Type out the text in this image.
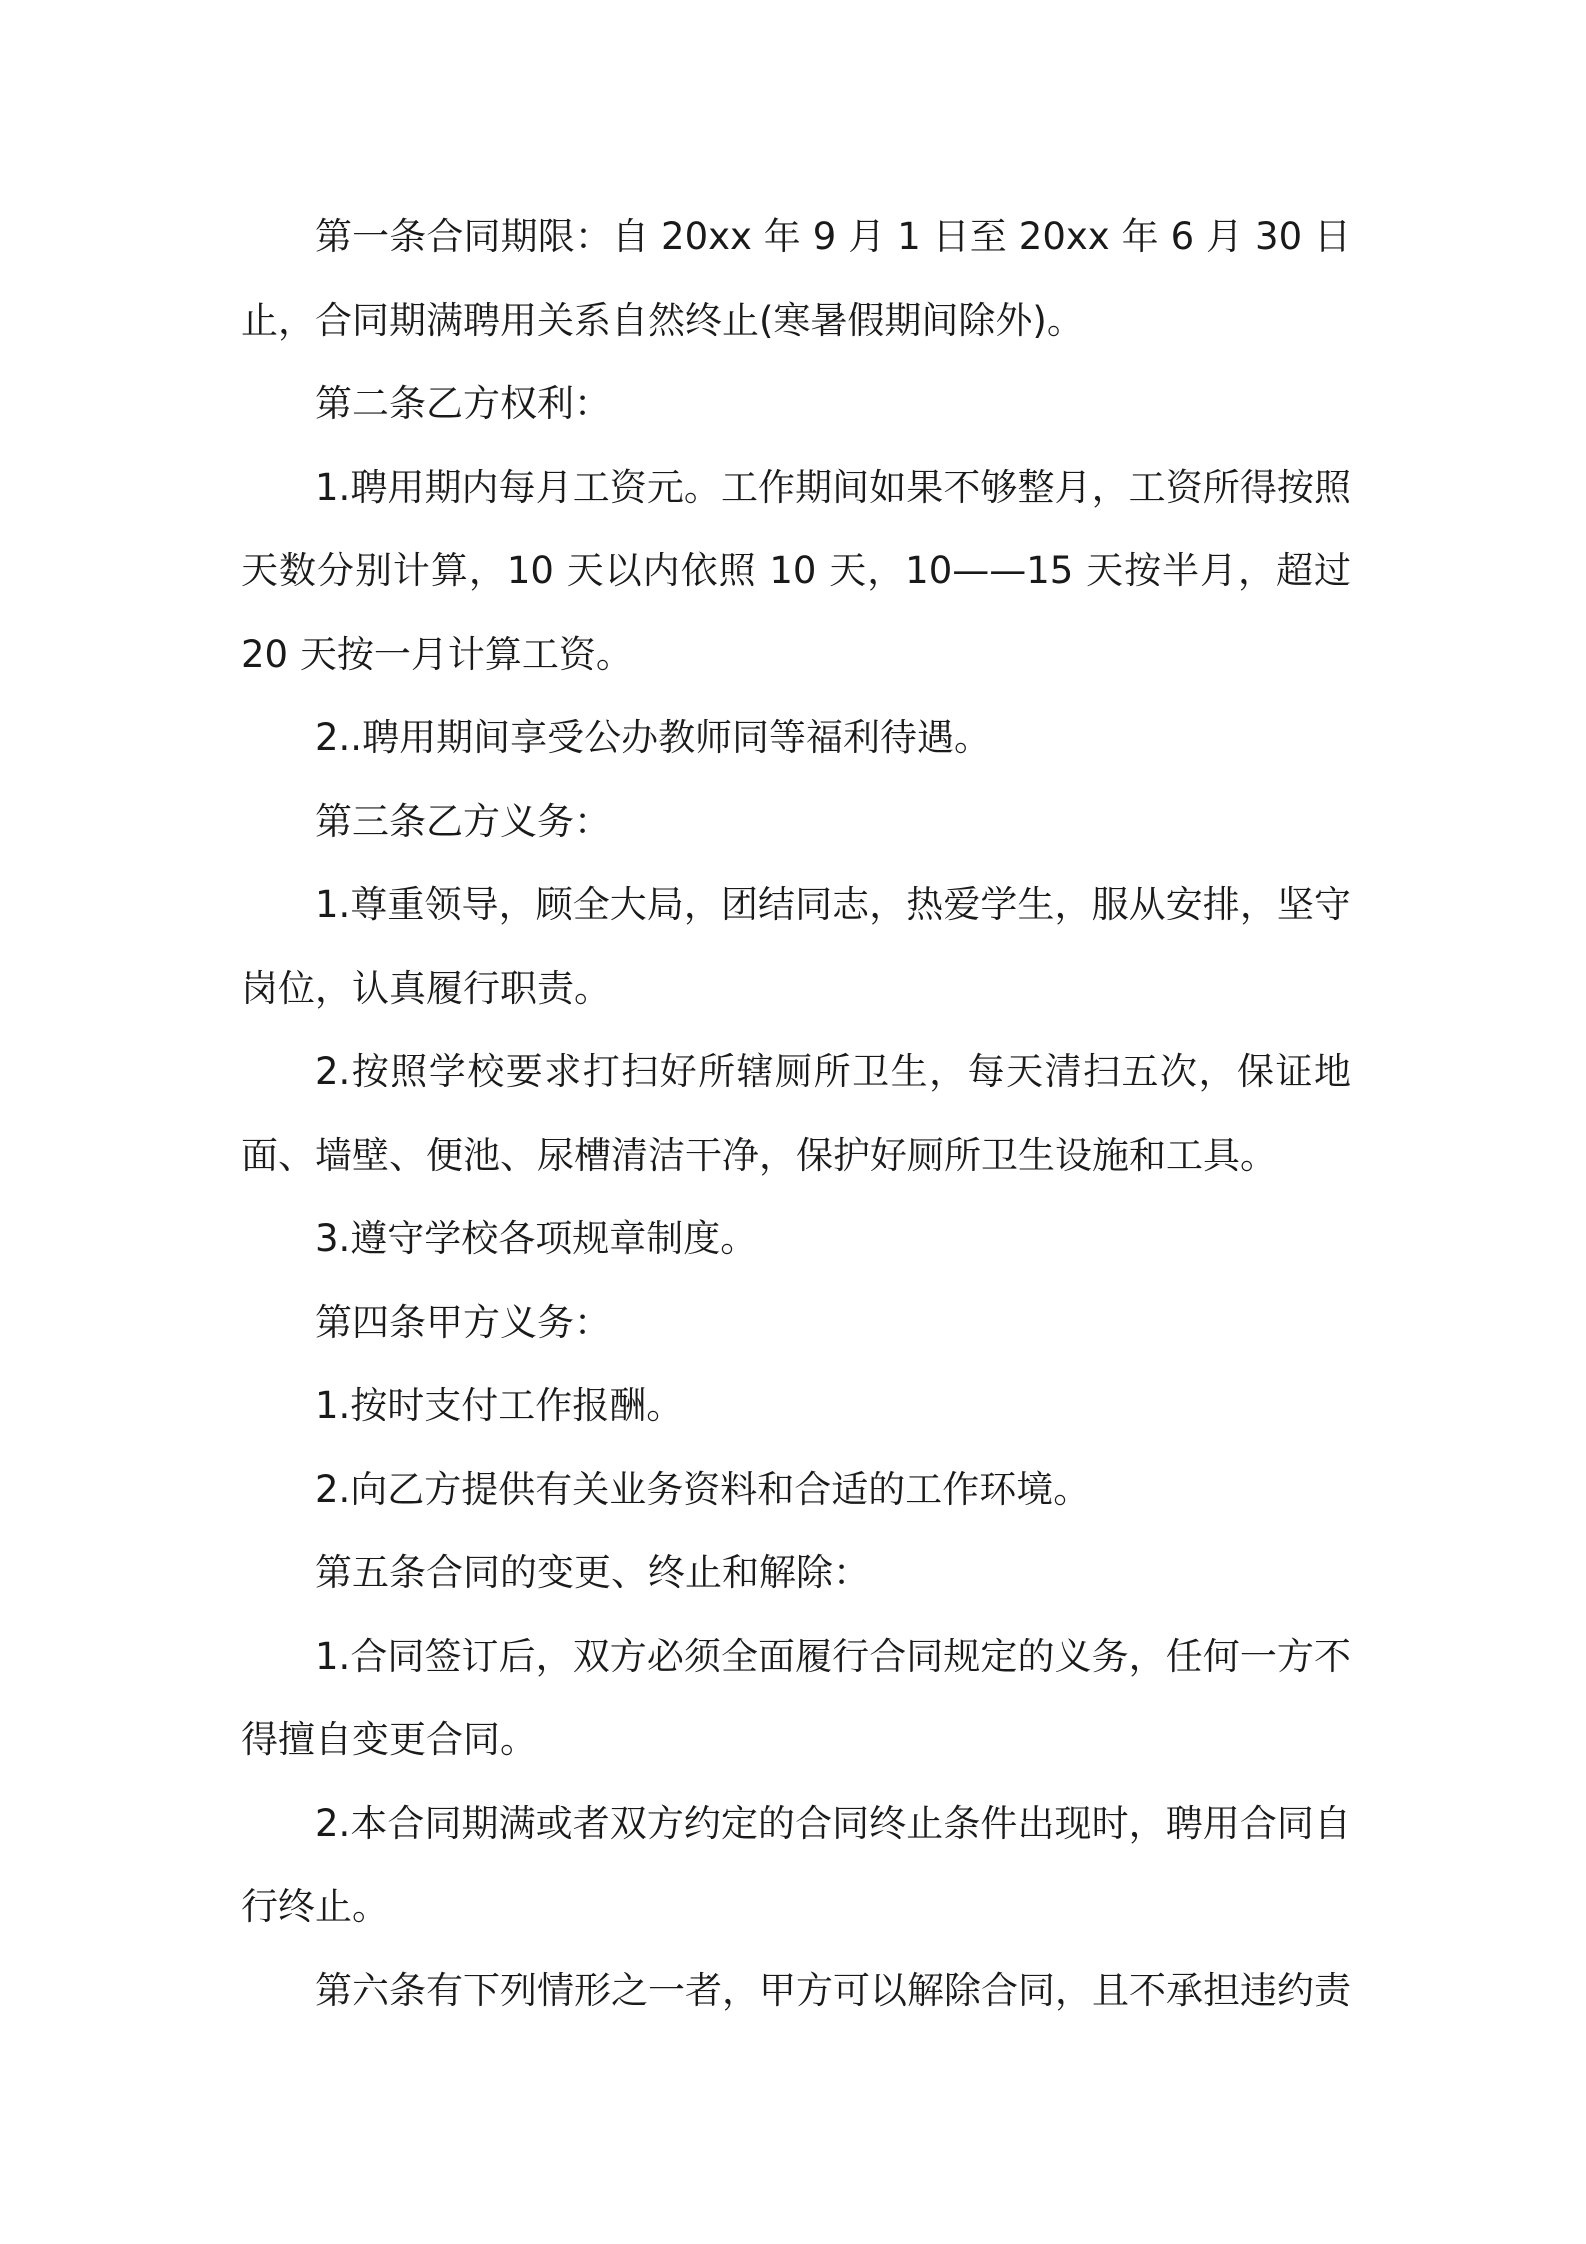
第一条合同期限：自 20xx 年 9 月 1 日至 20xx 年 6 月 30 日止，合同期满聘用关系自然终止(寒暑假期间除外)。

第二条乙方权利：

1.聘用期内每月工资元。工作期间如果不够整月，工资所得按照天数分别计算，10 天以内依照 10 天，10——15 天按半月，超过 20 天按一月计算工资。

2..聘用期间享受公办教师同等福利待遇。

第三条乙方义务：

1.尊重领导，顾全大局，团结同志，热爱学生，服从安排，坚守岗位，认真履行职责。

2.按照学校要求打扫好所辖厕所卫生，每天清扫五次，保证地面、墙壁、便池、尿槽清洁干净，保护好厕所卫生设施和工具。

3.遵守学校各项规章制度。

第四条甲方义务：

1.按时支付工作报酬。

2.向乙方提供有关业务资料和合适的工作环境。

第五条合同的变更、终止和解除：

1.合同签订后，双方必须全面履行合同规定的义务，任何一方不得擅自变更合同。

2.本合同期满或者双方约定的合同终止条件出现时，聘用合同自行终止。

第六条有下列情形之一者，甲方可以解除合同，且不承担违约责
